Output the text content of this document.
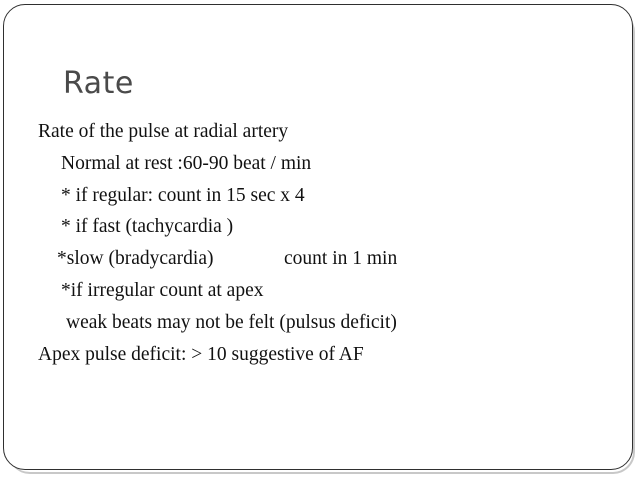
Rate
Rate of the pulse at radial artery
Normal at rest :60-90 beat / min
* if regular: count in 15 sec x 4
* if fast (tachycardia )
*slow (bradycardia)	count in 1 min
*if irregular count at apex
weak beats may not be felt (pulsus deficit)
Apex pulse deficit: > 10 suggestive of AF
